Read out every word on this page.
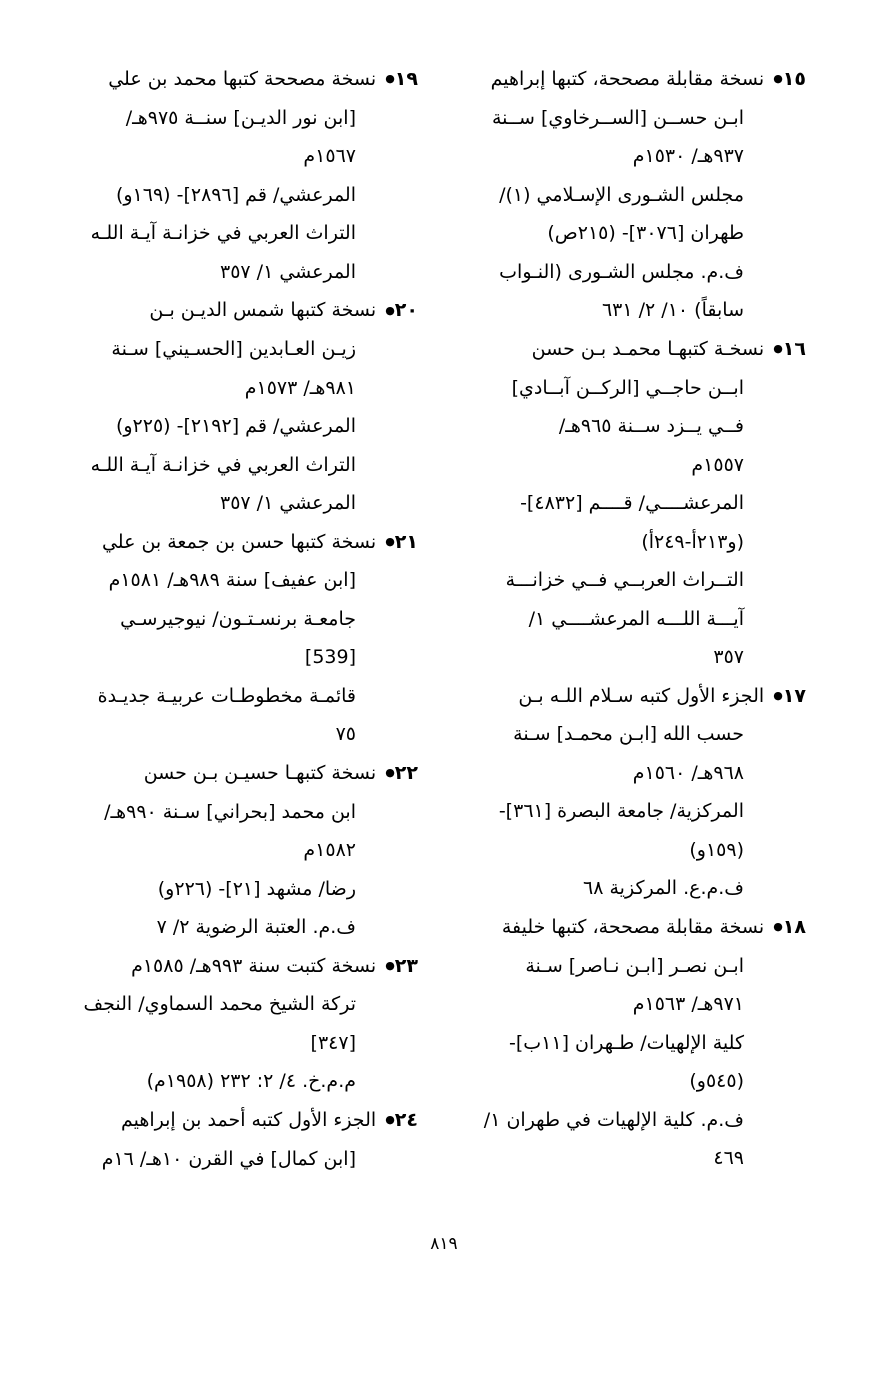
١٥● نسخة مقابلة مصححة، كتبها إبراهيم
ابـن حســن [الســرخاوي] ســنة
٩٣٧هـ/ ١٥٣٠م
مجلس الشـورى الإسـلامي (١)/
طهران [٣٠٧٦]- (٢١٥ص)
ف.م. مجلس الشـورى (النـواب
سابقاً) ١٠/ ٢/ ٦٣١
١٦● نسخـة كتبهـا محمـد بـن حسن
ابــن حاجــي [الركــن آبــادي]
فــي يــزد ســنة ٩٦٥هـ/
١٥٥٧م
المرعشــــي/ قــــم [٤٨٣٢]-
(و٢١٣أ-٢٤٩أ)
التــراث العربــي فــي خزانـــة
آيـــة اللـــه المرعشــــي ١/
٣٥٧
١٧● الجزء الأول كتبه سـلام اللـه بـن
حسب الله [ابـن محمـد] سـنة
٩٦٨هـ/ ١٥٦٠م
المركزية/ جامعة البصرة [٣٦١]-
(١٥٩و)
ف.م.ع. المركزية ٦٨
١٨● نسخة مقابلة مصححة، كتبها خليفة
ابـن نصـر [ابـن نـاصر] سـنة
٩٧١هـ/ ١٥٦٣م
كلية الإلهيات/ طـهران [١١ب]-
(٥٤٥و)
ف.م. كلية الإلهيات في طهران ١/
٤٦٩
١٩● نسخة مصححة كتبها محمد بن علي
[ابن نور الديـن] سنــة ٩٧٥هـ/
١٥٦٧م
المرعشي/ قم [٢٨٩٦]- (١٦٩و)
التراث العربي في خزانـة آيـة اللـه
المرعشي ١/ ٣٥٧
٢٠● نسخة كتبها شمس الديـن بـن
زيـن العـابدين [الحسـيني] سـنة
٩٨١هـ/ ١٥٧٣م
المرعشي/ قم [٢١٩٢]- (٢٢٥و)
التراث العربي في خزانـة آيـة اللـه
المرعشي ١/ ٣٥٧
٢١● نسخة كتبها حسن بن جمعة بن علي
[ابن عفيف] سنة ٩٨٩هـ/ ١٥٨١م
جامعـة برنسـتـون/ نيوجيرسـي
[539]
قائمـة مخطوطـات عربيـة جديـدة
٧٥
٢٢● نسخة كتبهـا حسيـن بـن حسن
ابن محمد [بحراني] سـنة ٩٩٠هـ/
١٥٨٢م
رضا/ مشهد [٢١]- (٢٢٦و)
ف.م. العتبة الرضوية ٢/ ٧
٢٣● نسخة كتبت سنة ٩٩٣هـ/ ١٥٨٥م
تركة الشيخ محمد السماوي/ النجف
[٣٤٧]
م.م.خ. ٤/ ٢: ٢٣٢ (١٩٥٨م)
٢٤● الجزء الأول كتبه أحمد بن إبراهيم
[ابن كمال] في القرن ١٠هـ/ ١٦م
٨١٩
